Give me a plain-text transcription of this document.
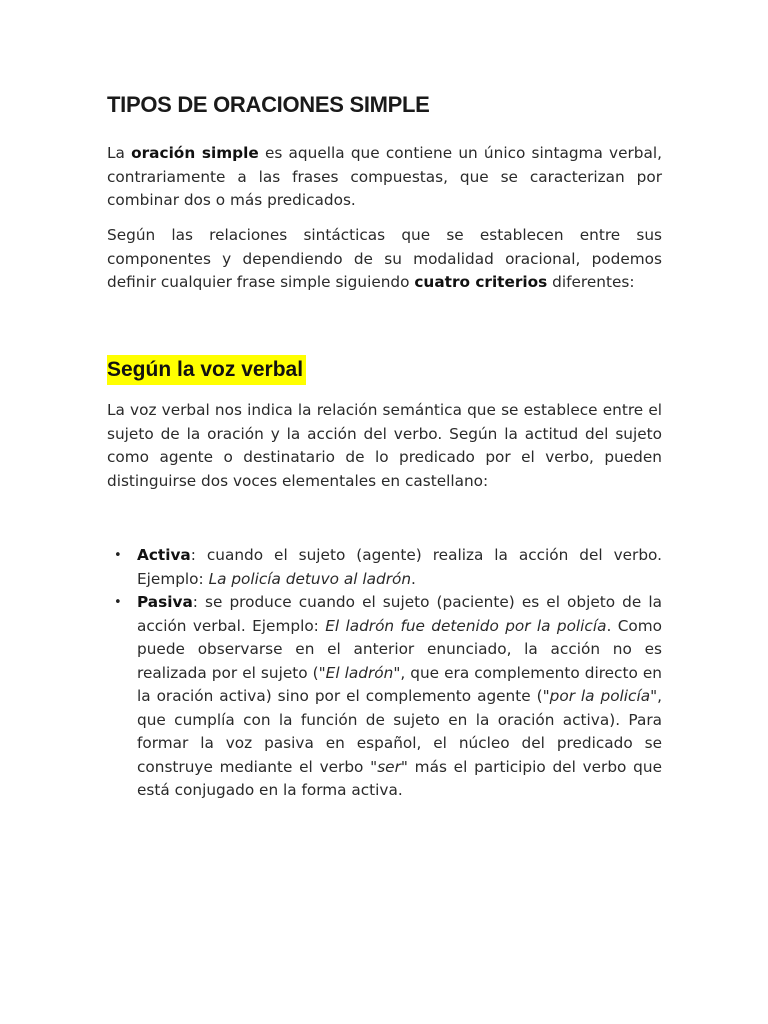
TIPOS DE ORACIONES SIMPLE

La oración simple es aquella que contiene un único sintagma verbal, contrariamente a las frases compuestas, que se caracterizan por combinar dos o más predicados.

Según las relaciones sintácticas que se establecen entre sus componentes y dependiendo de su modalidad oracional, podemos definir cualquier frase simple siguiendo cuatro criterios diferentes:

Según la voz verbal

La voz verbal nos indica la relación semántica que se establece entre el sujeto de la oración y la acción del verbo. Según la actitud del sujeto como agente o destinatario de lo predicado por el verbo, pueden distinguirse dos voces elementales en castellano:

• Activa: cuando el sujeto (agente) realiza la acción del verbo. Ejemplo: La policía detuvo al ladrón.
• Pasiva: se produce cuando el sujeto (paciente) es el objeto de la acción verbal. Ejemplo: El ladrón fue detenido por la policía. Como puede observarse en el anterior enunciado, la acción no es realizada por el sujeto ("El ladrón", que era complemento directo en la oración activa) sino por el complemento agente ("por la policía", que cumplía con la función de sujeto en la oración activa). Para formar la voz pasiva en español, el núcleo del predicado se construye mediante el verbo "ser" más el participio del verbo que está conjugado en la forma activa.
